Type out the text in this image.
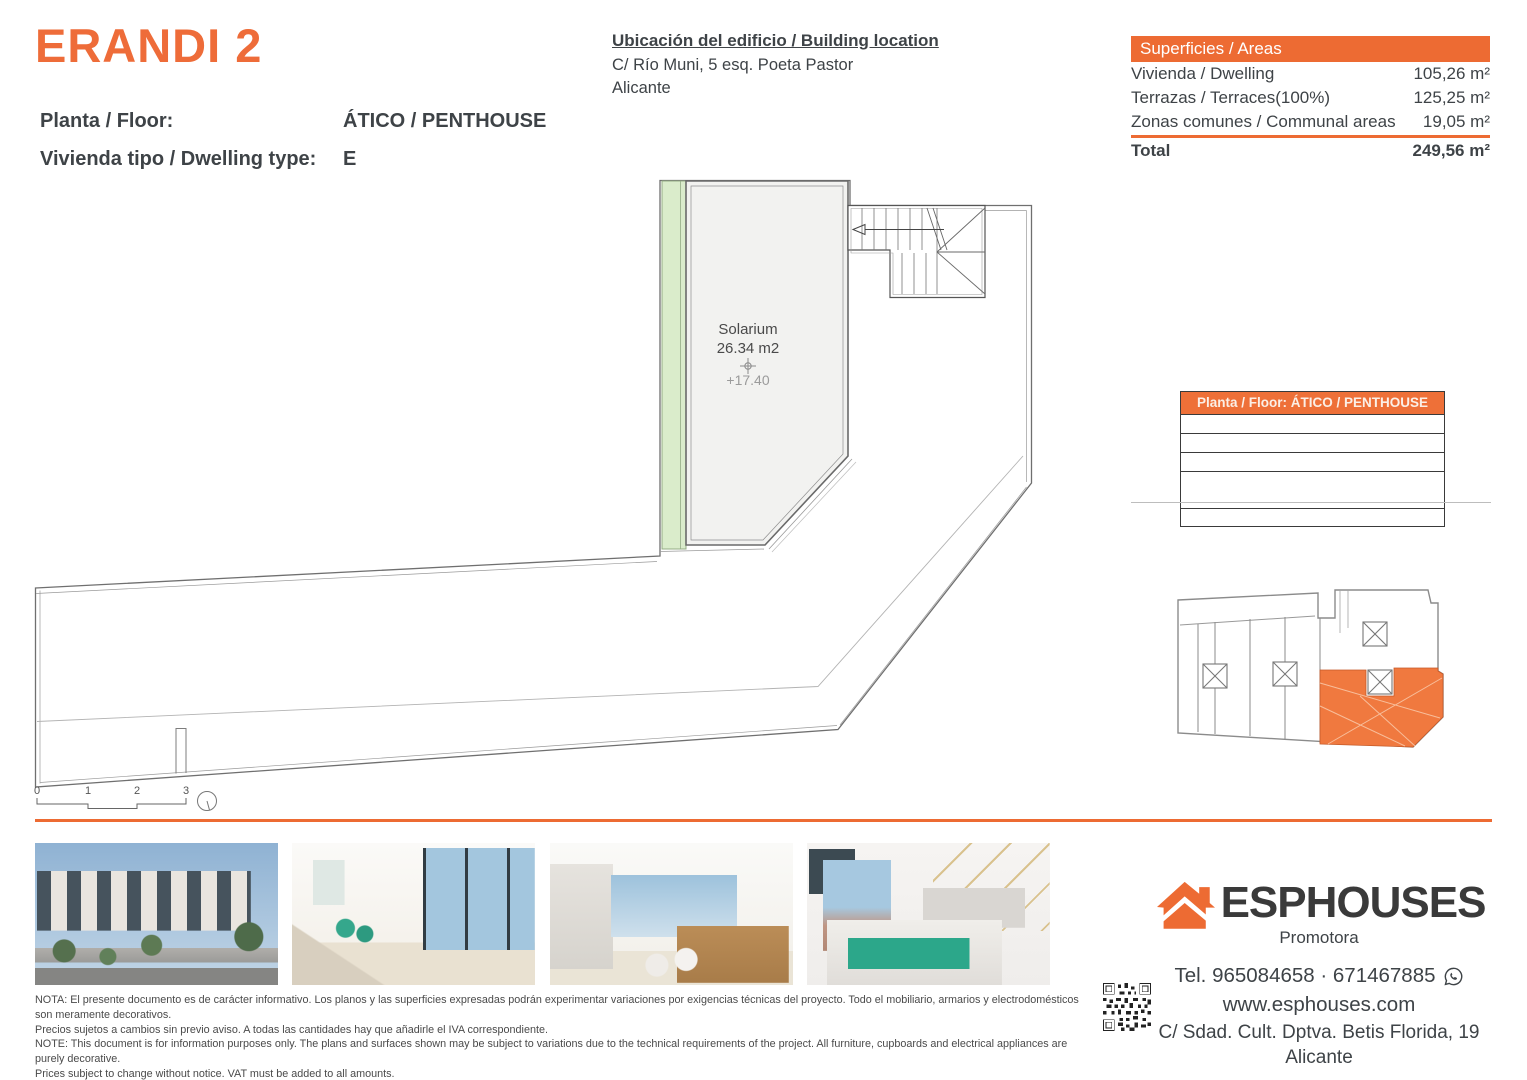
ERANDI 2
Planta / Floor:	ÁTICO / PENTHOUSE
Vivienda tipo / Dwelling type: E
Ubicación del edificio / Building location
C/ Río Muni, 5 esq. Poeta Pastor
Alicante
Superficies / Areas
Vivienda / Dwelling	105,26 m²
Terrazas / Terraces(100%)	125,25 m²
Zonas comunes / Communal areas 19,05 m²
Total	249,56 m²
Solarium
26.34 m2
+17.40
0	1	2	3
Planta / Floor: ÁTICO / PENTHOUSE
ESPHOUSES
Promotora
Tel. 965084658 · 671467885
www.esphouses.com
C/ Sdad. Cult. Dptva. Betis Florida, 19
Alicante
NOTA: El presente documento es de carácter informativo. Los planos y las superficies expresadas podrán experimentar variaciones por exigencias técnicas del proyecto. Todo el mobiliario, armarios y electrodomésticos son meramente decorativos.
Precios sujetos a cambios sin previo aviso. A todas las cantidades hay que añadirle el IVA correspondiente.
NOTE: This document is for information purposes only. The plans and surfaces shown may be subject to variations due to the technical requirements of the project. All furniture, cupboards and electrical appliances are purely decorative.
Prices subject to change without notice. VAT must be added to all amounts.
